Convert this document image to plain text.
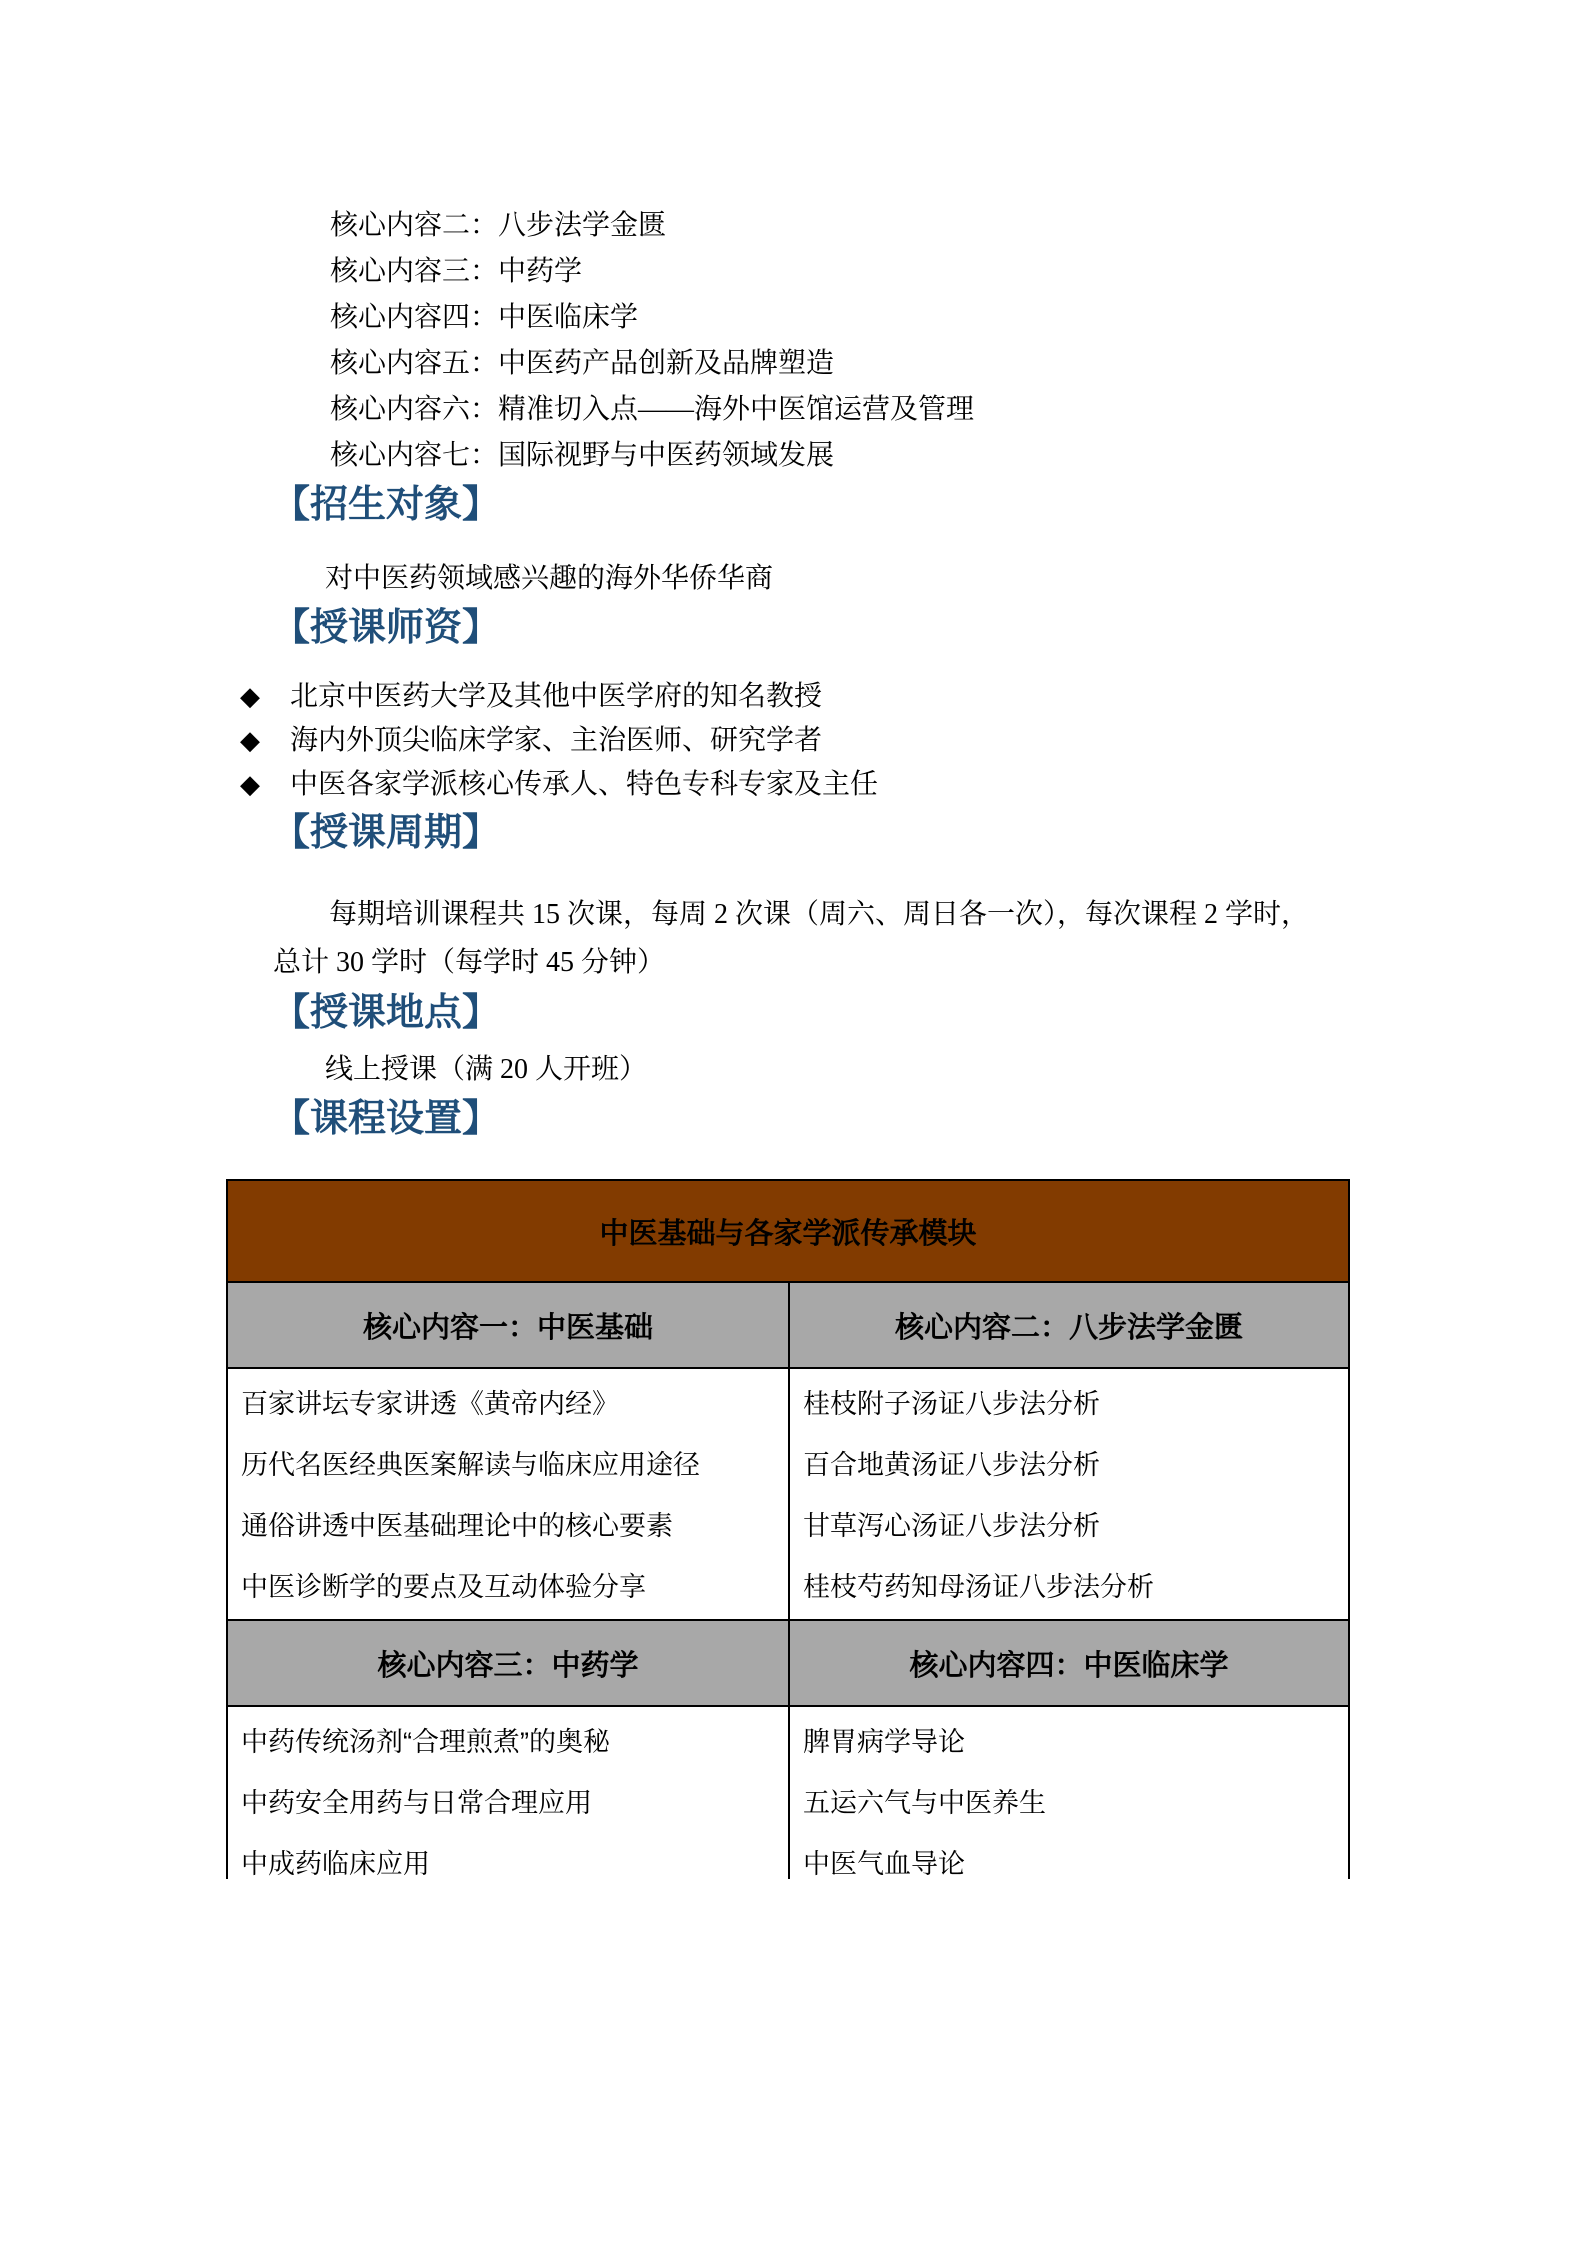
核心内容二：八步法学金匮

核心内容三：中药学

核心内容四：中医临床学

核心内容五：中医药产品创新及品牌塑造

核心内容六：精准切入点——海外中医馆运营及管理

核心内容七：国际视野与中医药领域发展

【招生对象】

对中医药领域感兴趣的海外华侨华商

【授课师资】
◆ 北京中医药大学及其他中医学府的知名教授
◆ 海内外顶尖临床学家、主治医师、研究学者
◆ 中医各家学派核心传承人、特色专科专家及主任
【授课周期】

每期培训课程共 15 次课，每周 2 次课（周六、周日各一次），每次课程 2 学时，

总计 30 学时（每学时 45 分钟）

【授课地点】

线上授课（满 20 人开班）

【课程设置】
中医基础与各家学派传承模块
核心内容一：中医基础	核心内容二：八步法学金匮

百家讲坛专家讲透《黄帝内经》

历代名医经典医案解读与临床应用途径

通俗讲透中医基础理论中的核心要素

中医诊断学的要点及互动体验分享

桂枝附子汤证八步法分析

百合地黄汤证八步法分析

甘草泻心汤证八步法分析

桂枝芍药知母汤证八步法分析

核心内容三：中药学	核心内容四：中医临床学

中药传统汤剂“合理煎煮”的奥秘

中药安全用药与日常合理应用

中成药临床应用

脾胃病学导论

五运六气与中医养生

中医气血导论
